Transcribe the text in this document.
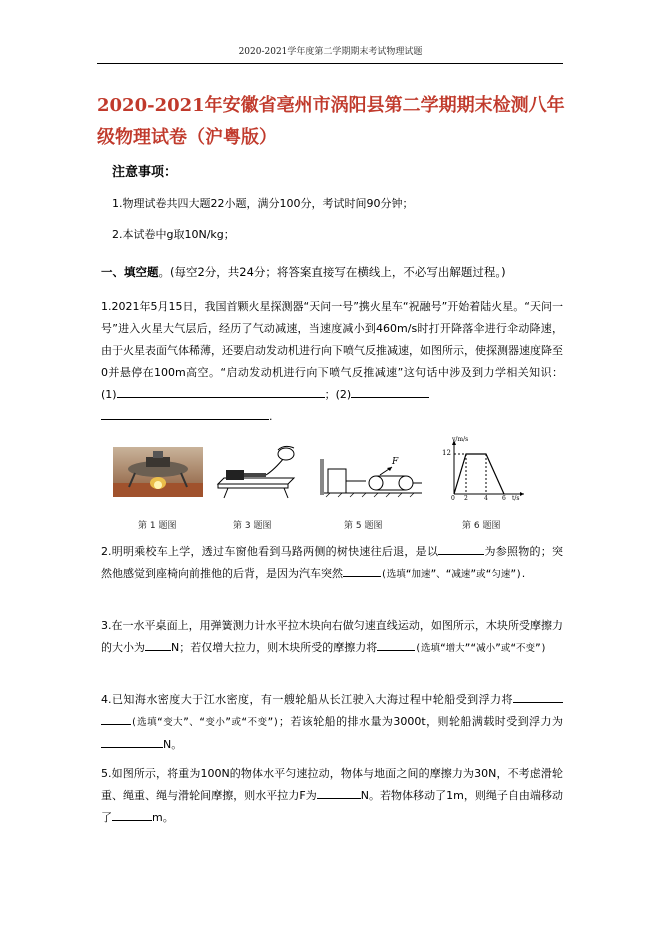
2020-2021学年度第二学期期末考试物理试题
2020-2021年安徽省亳州市涡阳县第二学期期末检测八年
级物理试卷（沪粤版）
注意事项：
1.物理试卷共四大题22小题，满分100分，考试时间90分钟；
2.本试卷中g取10N/kg；
一、填空题。(每空2分，共24分；将答案直接写在横线上，不必写出解题过程。)
1.2021年5月15日，我国首颗火星探测器“天问一号”携火星车“祝融号”开始着陆火星。“天问一号”进入火星大气层后，经历了气动减速，当速度减小到460m/s时打开降落伞进行伞动降速，由于火星表面气体稀薄，还要启动发动机进行向下喷气反推减速，如图所示，使探测器速度降至0并悬停在100m高空。“启动发动机进行向下喷气反推减速”这句话中涉及到力学相关知识： (1)	；(2)
.
第 1 题图	第 3 题图
F
第 5 题图
v/m/s
12
0 2	4 6 t/s
第 6 题图
2.明明乘校车上学，透过车窗他看到马路两侧的树快速往后退，是以	为参照物的；突然他感觉到座椅向前推他的后背，是因为汽车突然	(选填“加速”、“减速”或“匀速”).
3.在一水平桌面上，用弹簧测力计水平拉木块向右做匀速直线运动，如图所示，木块所受摩擦力的大小为 N；若仅增大拉力，则木块所受的摩擦力将	(选填“增大”“减小”或“不变”)
4.已知海水密度大于江水密度，有一艘轮船从长江驶入大海过程中轮船受到浮力将(选填“变大”、“变小”或“不变”)；若该轮船的排水量为3000t，则轮船满载时受到浮力为N。
5.如图所示，将重为100N的物体水平匀速拉动，物体与地面之间的摩擦力为30N，不考虑滑轮重、绳重、绳与滑轮间摩擦，则水平拉力F为	N。若物体移动了1m，则绳子自由端移动了	m。
